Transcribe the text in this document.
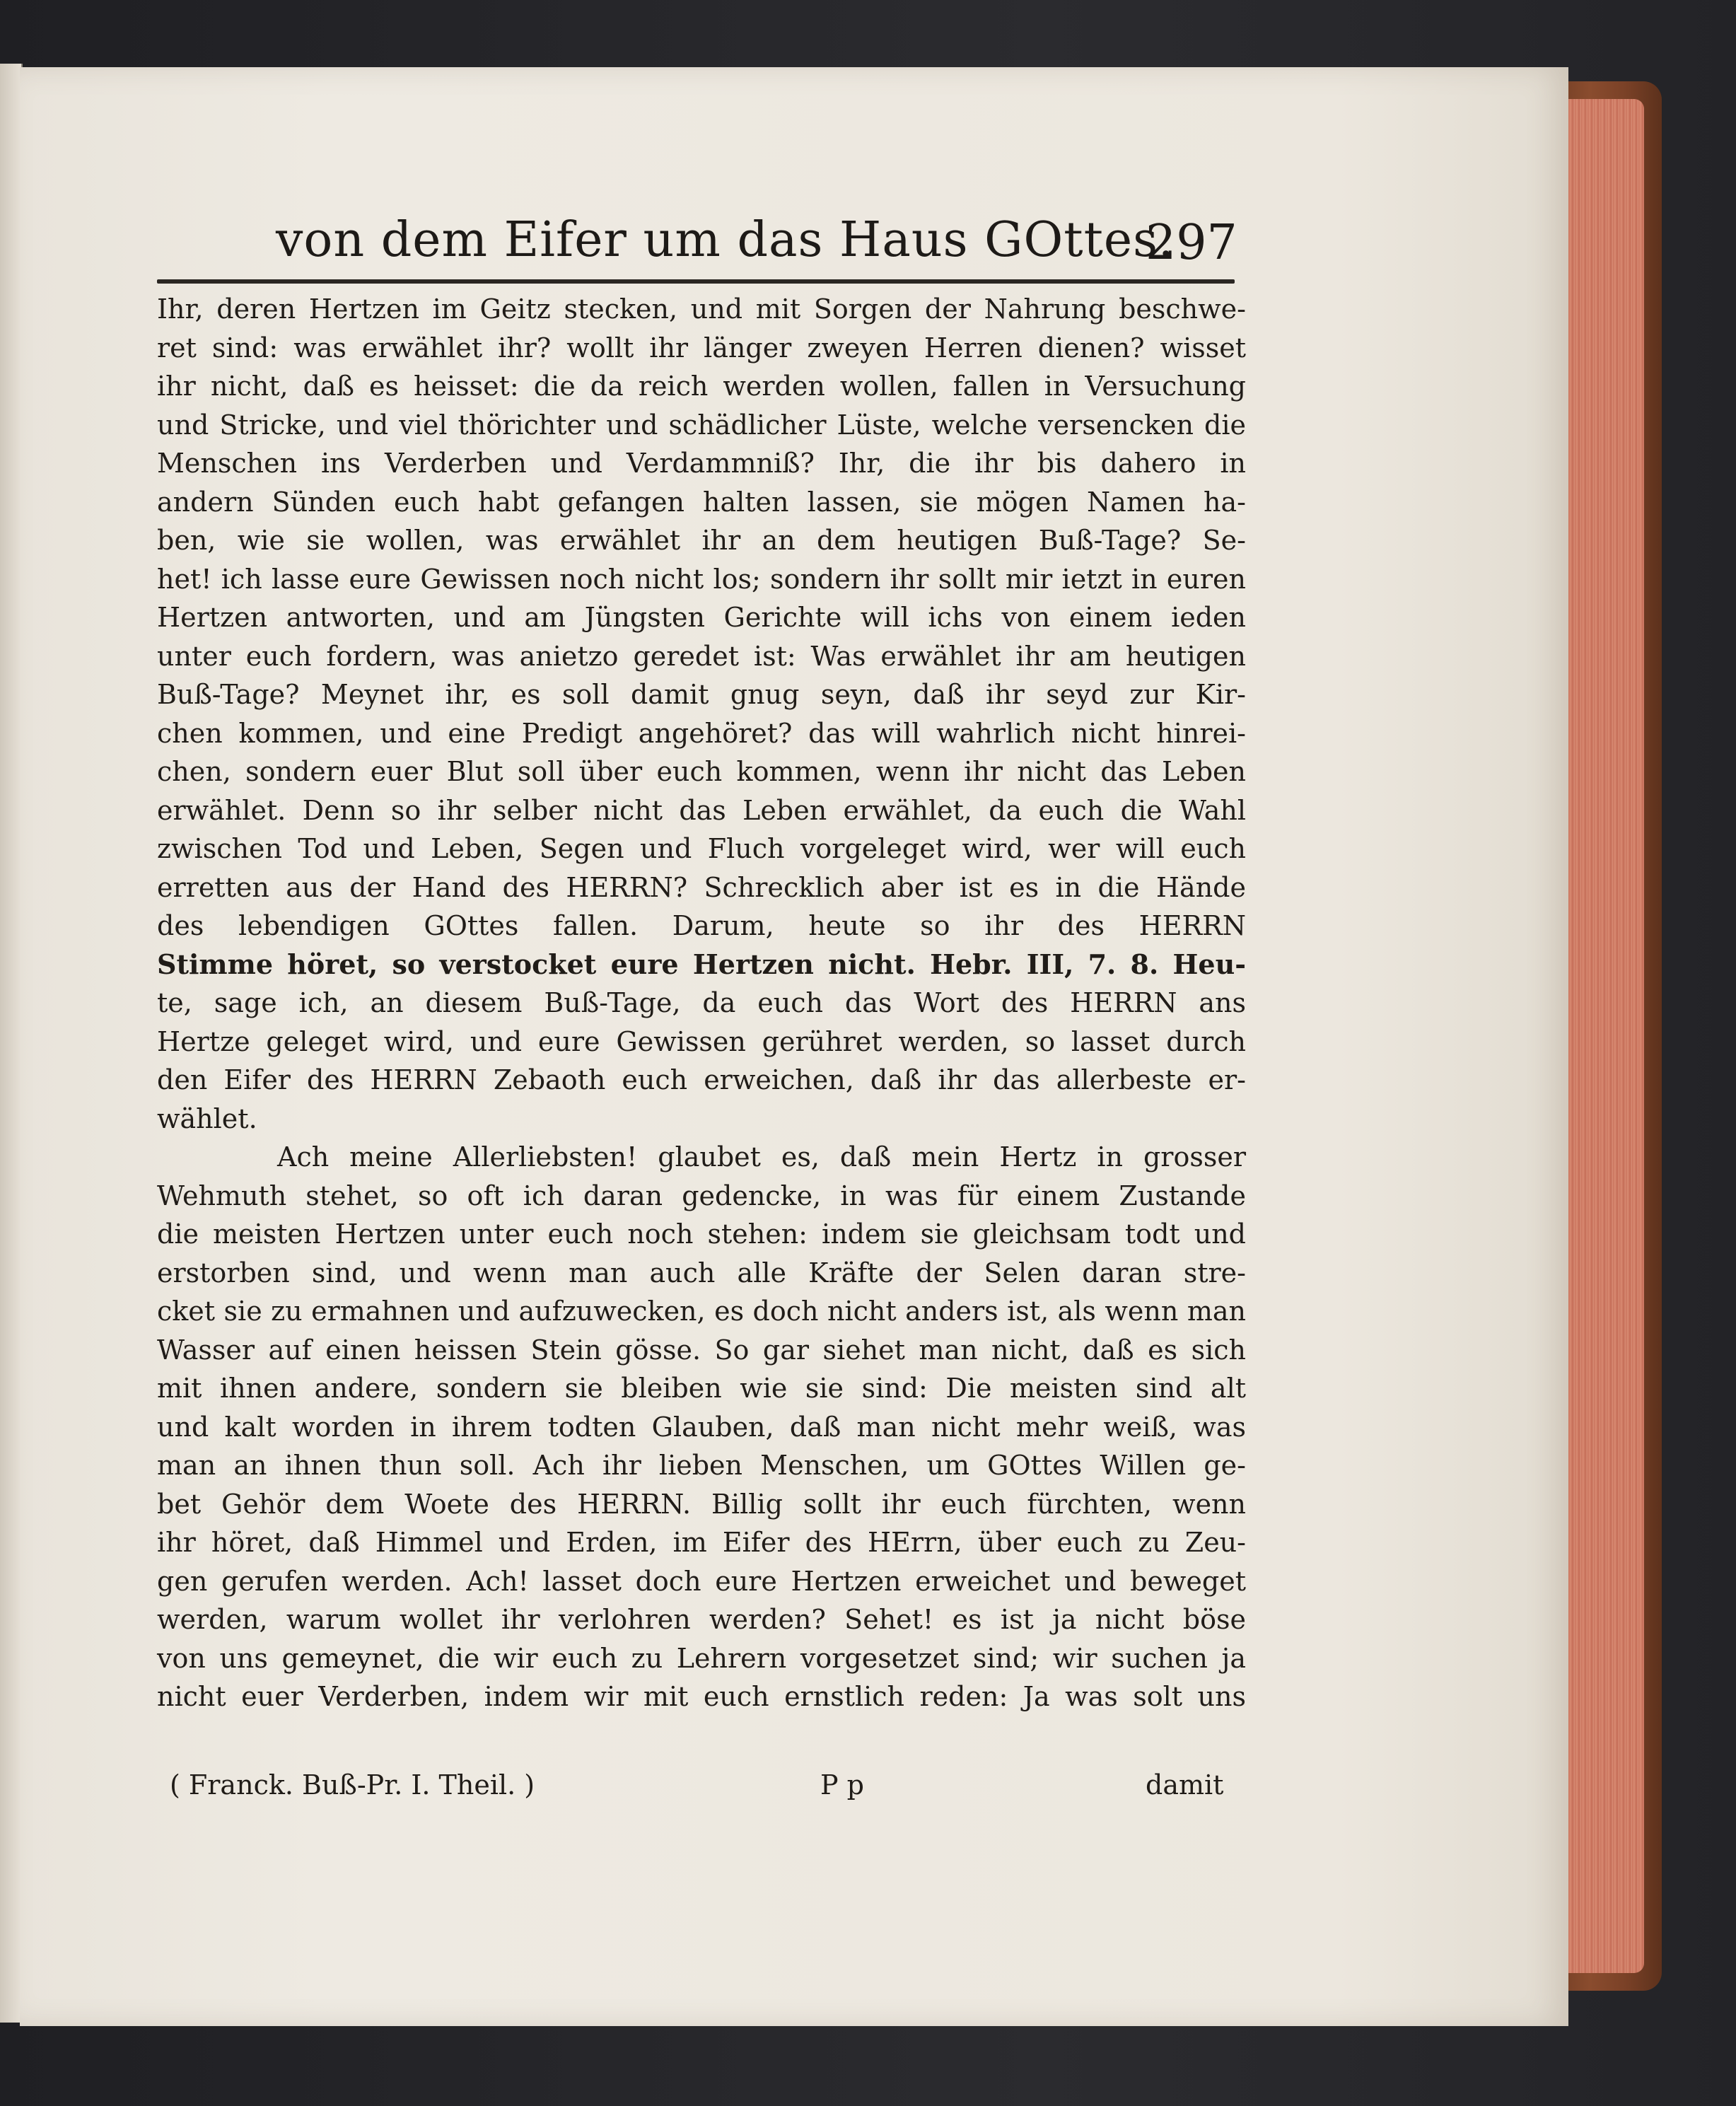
von dem Eifer um das Haus GOttes.
297
Ihr, deren Hertzen im Geitz stecken, und mit Sorgen der Nahrung beschwe-
ret sind: was erwählet ihr? wollt ihr länger zweyen Herren dienen? wisset
ihr nicht, daß es heisset: die da reich werden wollen, fallen in Versuchung
und Stricke, und viel thörichter und schädlicher Lüste, welche versencken die
Menschen ins Verderben und Verdammniß? Ihr, die ihr bis dahero in
andern Sünden euch habt gefangen halten lassen, sie mögen Namen ha-
ben, wie sie wollen, was erwählet ihr an dem heutigen Buß-Tage? Se-
het! ich lasse eure Gewissen noch nicht los; sondern ihr sollt mir ietzt in euren
Hertzen antworten, und am Jüngsten Gerichte will ichs von einem ieden
unter euch fordern, was anietzo geredet ist: Was erwählet ihr am heutigen
Buß-Tage? Meynet ihr, es soll damit gnug seyn, daß ihr seyd zur Kir-
chen kommen, und eine Predigt angehöret? das will wahrlich nicht hinrei-
chen, sondern euer Blut soll über euch kommen, wenn ihr nicht das Leben
erwählet. Denn so ihr selber nicht das Leben erwählet, da euch die Wahl
zwischen Tod und Leben, Segen und Fluch vorgeleget wird, wer will euch
erretten aus der Hand des HERRN? Schrecklich aber ist es in die Hände
des lebendigen GOttes fallen. Darum, heute so ihr des HERRN
Stimme höret, so verstocket eure Hertzen nicht. Hebr. III, 7. 8. Heu-
te, sage ich, an diesem Buß-Tage, da euch das Wort des HERRN ans
Hertze geleget wird, und eure Gewissen gerühret werden, so lasset durch
den Eifer des HERRN Zebaoth euch erweichen, daß ihr das allerbeste er-
wählet.
Ach meine Allerliebsten! glaubet es, daß mein Hertz in grosser
Wehmuth stehet, so oft ich daran gedencke, in was für einem Zustande
die meisten Hertzen unter euch noch stehen: indem sie gleichsam todt und
erstorben sind, und wenn man auch alle Kräfte der Selen daran stre-
cket sie zu ermahnen und aufzuwecken, es doch nicht anders ist, als wenn man
Wasser auf einen heissen Stein gösse. So gar siehet man nicht, daß es sich
mit ihnen andere, sondern sie bleiben wie sie sind: Die meisten sind alt
und kalt worden in ihrem todten Glauben, daß man nicht mehr weiß, was
man an ihnen thun soll. Ach ihr lieben Menschen, um GOttes Willen ge-
bet Gehör dem Woete des HERRN. Billig sollt ihr euch fürchten, wenn
ihr höret, daß Himmel und Erden, im Eifer des HErrn, über euch zu Zeu-
gen gerufen werden. Ach! lasset doch eure Hertzen erweichet und beweget
werden, warum wollet ihr verlohren werden? Sehet! es ist ja nicht böse
von uns gemeynet, die wir euch zu Lehrern vorgesetzet sind; wir suchen ja
nicht euer Verderben, indem wir mit euch ernstlich reden: Ja was solt uns
( Franck. Buß-Pr. I. Theil. )	P p	damit
